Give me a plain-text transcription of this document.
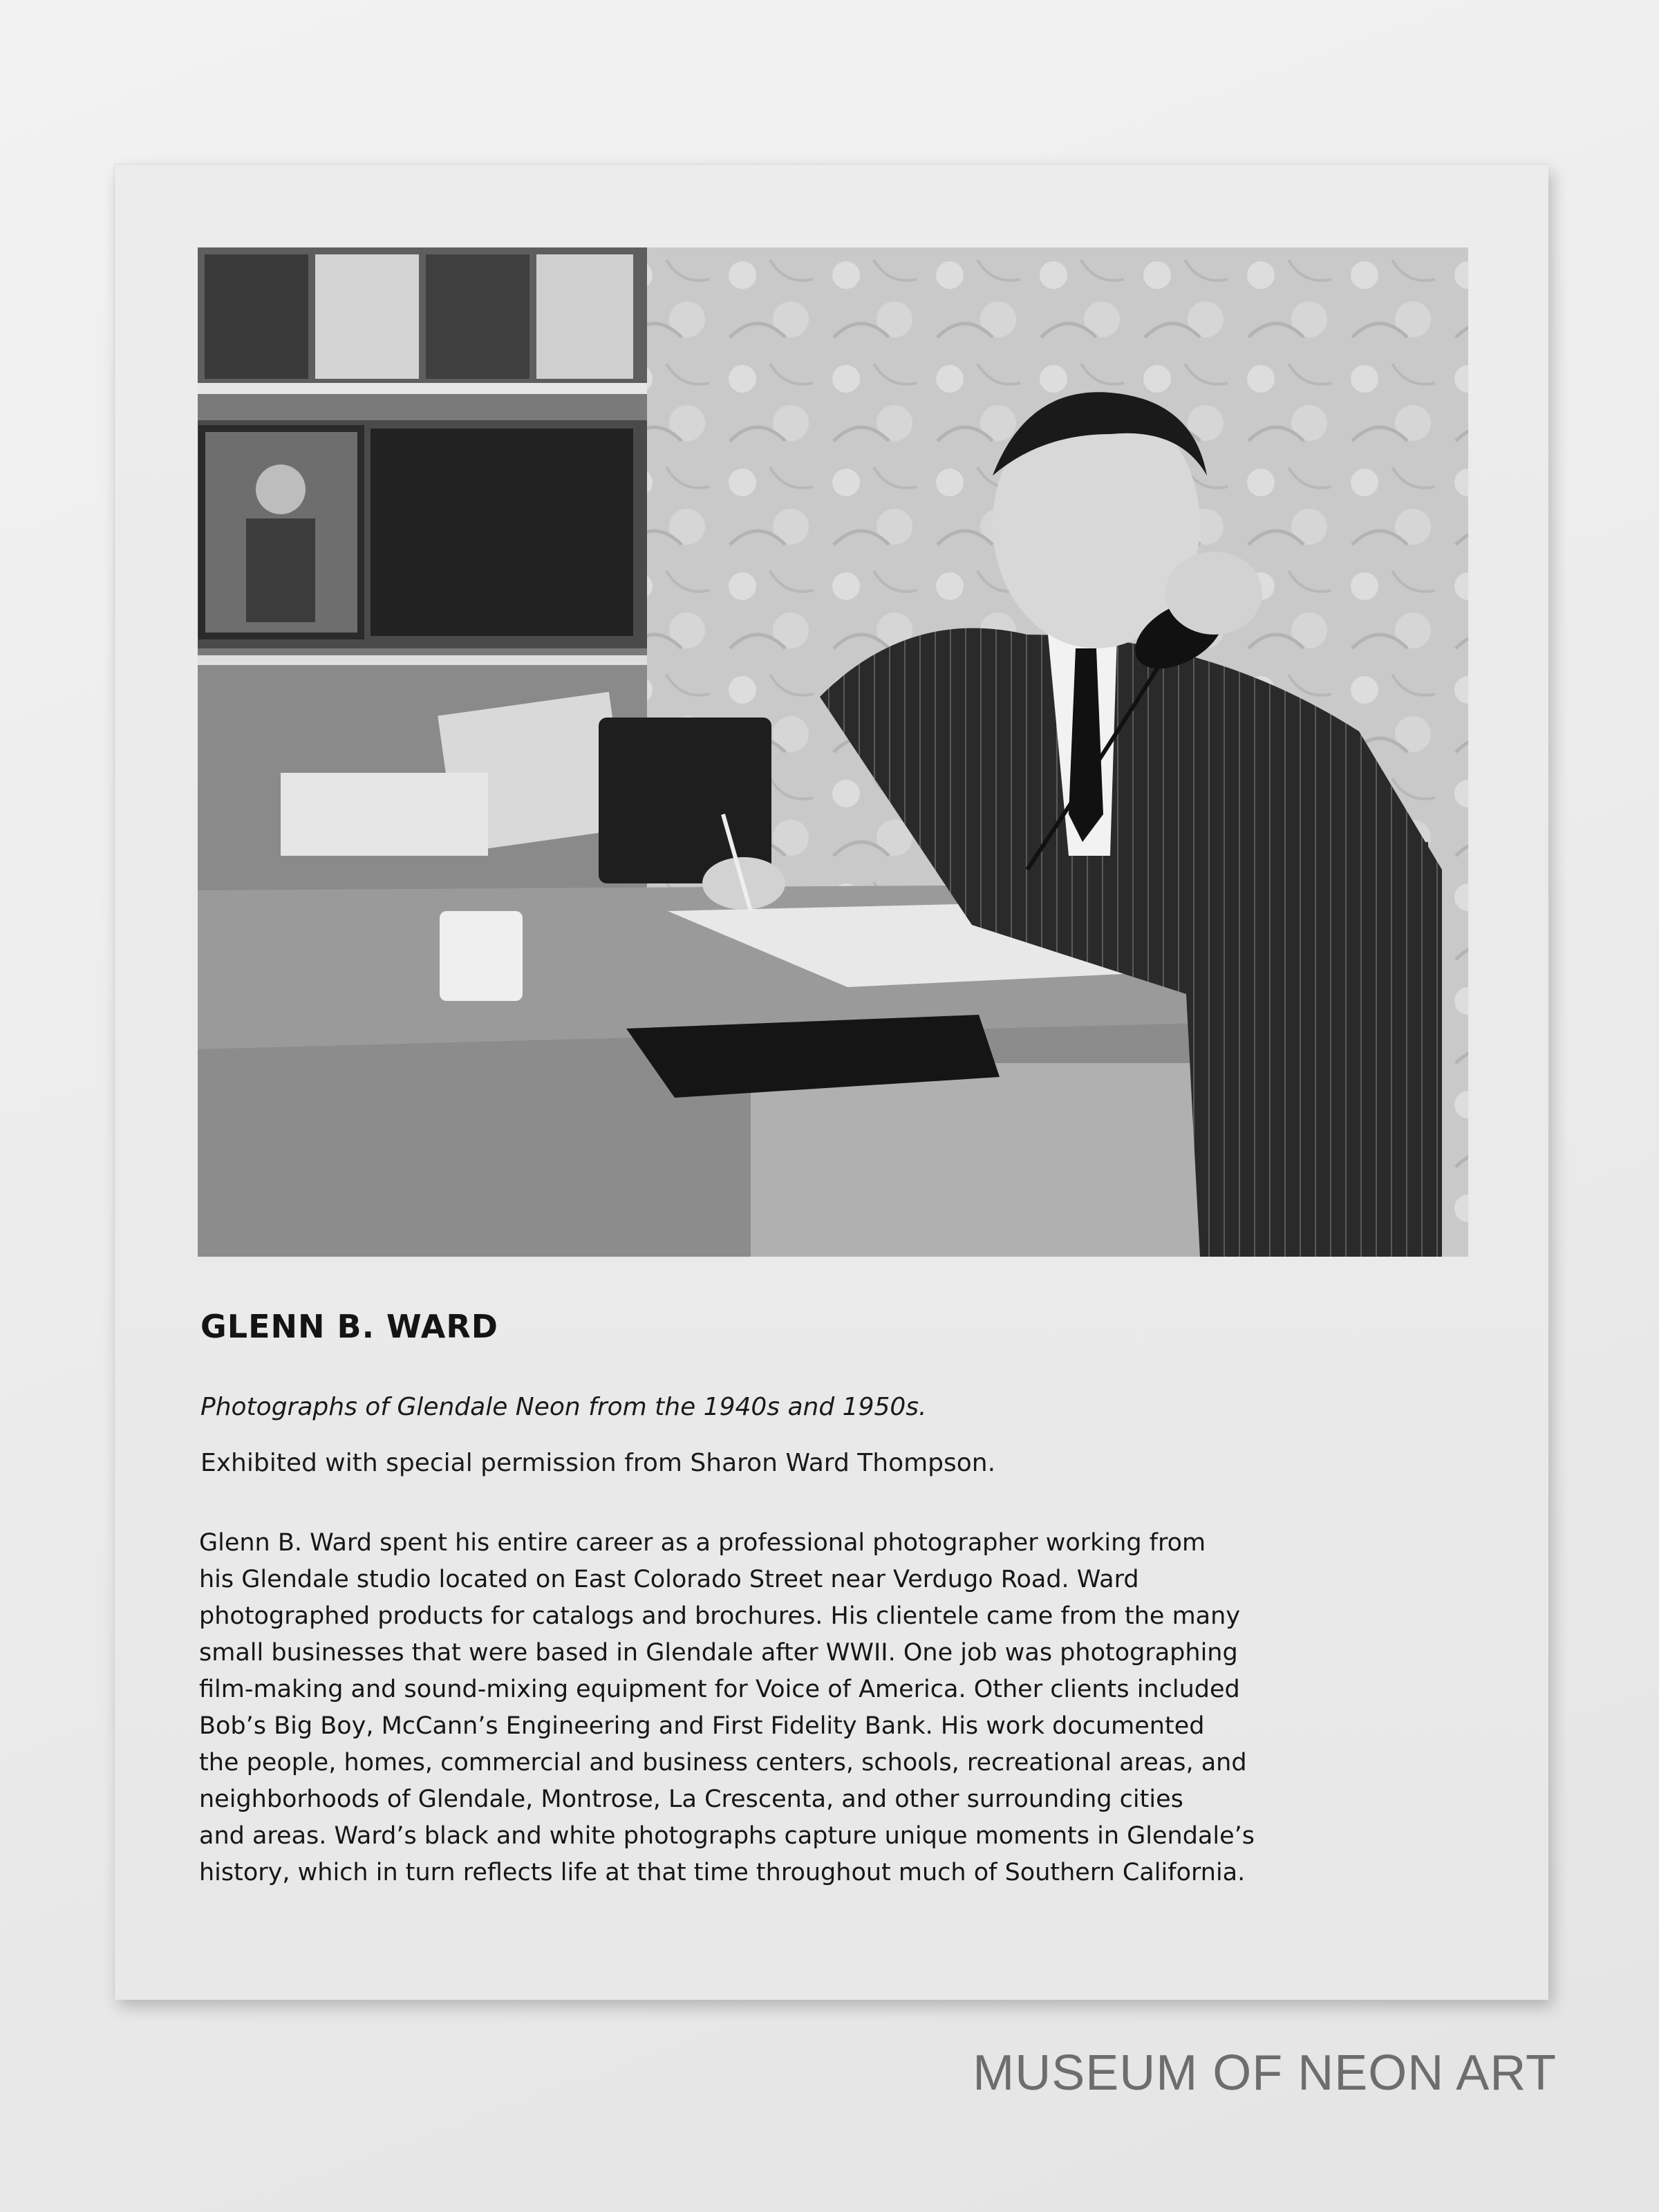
GLENN B. WARD

Photographs of Glendale Neon from the 1940s and 1950s.

Exhibited with special permission from Sharon Ward Thompson.

Glenn B. Ward spent his entire career as a professional photographer working from
his Glendale studio located on East Colorado Street near Verdugo Road. Ward
photographed products for catalogs and brochures. His clientele came from the many
small businesses that were based in Glendale after WWII. One job was photographing
film-making and sound-mixing equipment for Voice of America. Other clients included
Bob’s Big Boy, McCann’s Engineering and First Fidelity Bank. His work documented
the people, homes, commercial and business centers, schools, recreational areas, and
neighborhoods of Glendale, Montrose, La Crescenta, and other surrounding cities
and areas. Ward’s black and white photographs capture unique moments in Glendale’s
history, which in turn reflects life at that time throughout much of Southern California.
MUSEUM OF NEON ART
